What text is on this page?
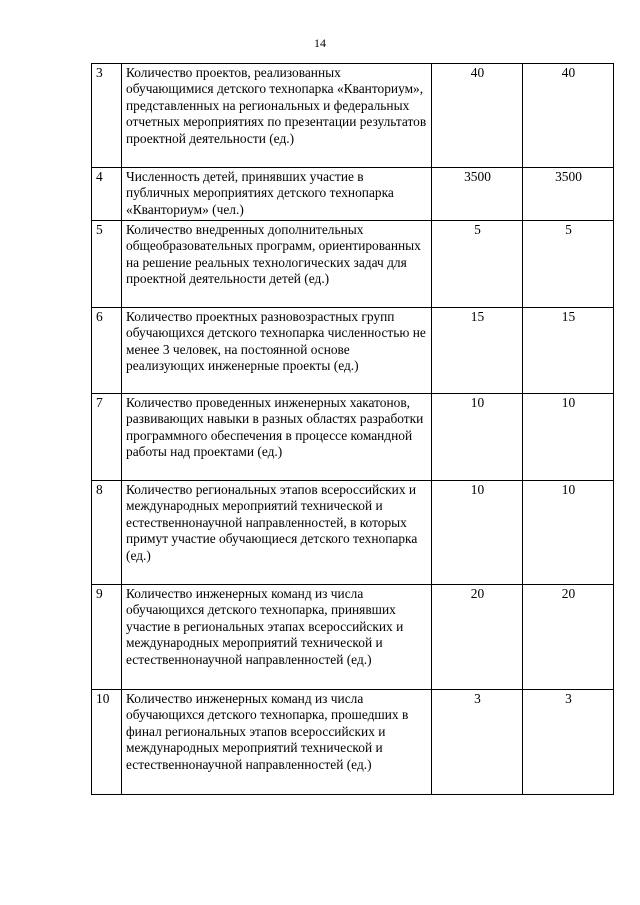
14
3	Количество проектов, реализованных обучающимися детского технопарка «Кванториум», представленных на региональных и федеральных отчетных мероприятиях по презентации результатов проектной деятельности (ед.)	40	40
4	Численность детей, принявших участие в публичных мероприятиях детского технопарка «Кванториум» (чел.)	3500	3500
5	Количество внедренных дополнительных общеобразовательных программ, ориентированных на решение реальных технологических задач для проектной деятельности детей (ед.)	5	5
6	Количество проектных разновозрастных групп обучающихся детского технопарка численностью не менее 3 человек, на постоянной основе реализующих инженерные проекты (ед.)	15	15
7	Количество проведенных инженерных хакатонов, развивающих навыки в разных областях разработки программного обеспечения в процессе командной работы над проектами (ед.)	10	10
8	Количество региональных этапов всероссийских и международных мероприятий технической и естественнонаучной направленностей, в которых примут участие обучающиеся детского технопарка (ед.)	10	10
9	Количество инженерных команд из числа обучающихся детского технопарка, принявших участие в региональных этапах всероссийских и международных мероприятий технической и естественнонаучной направленностей (ед.)	20	20
10	Количество инженерных команд из числа обучающихся детского технопарка, прошедших в финал региональных этапов всероссийских и международных мероприятий технической и естественнонаучной направленностей (ед.)	3	3
